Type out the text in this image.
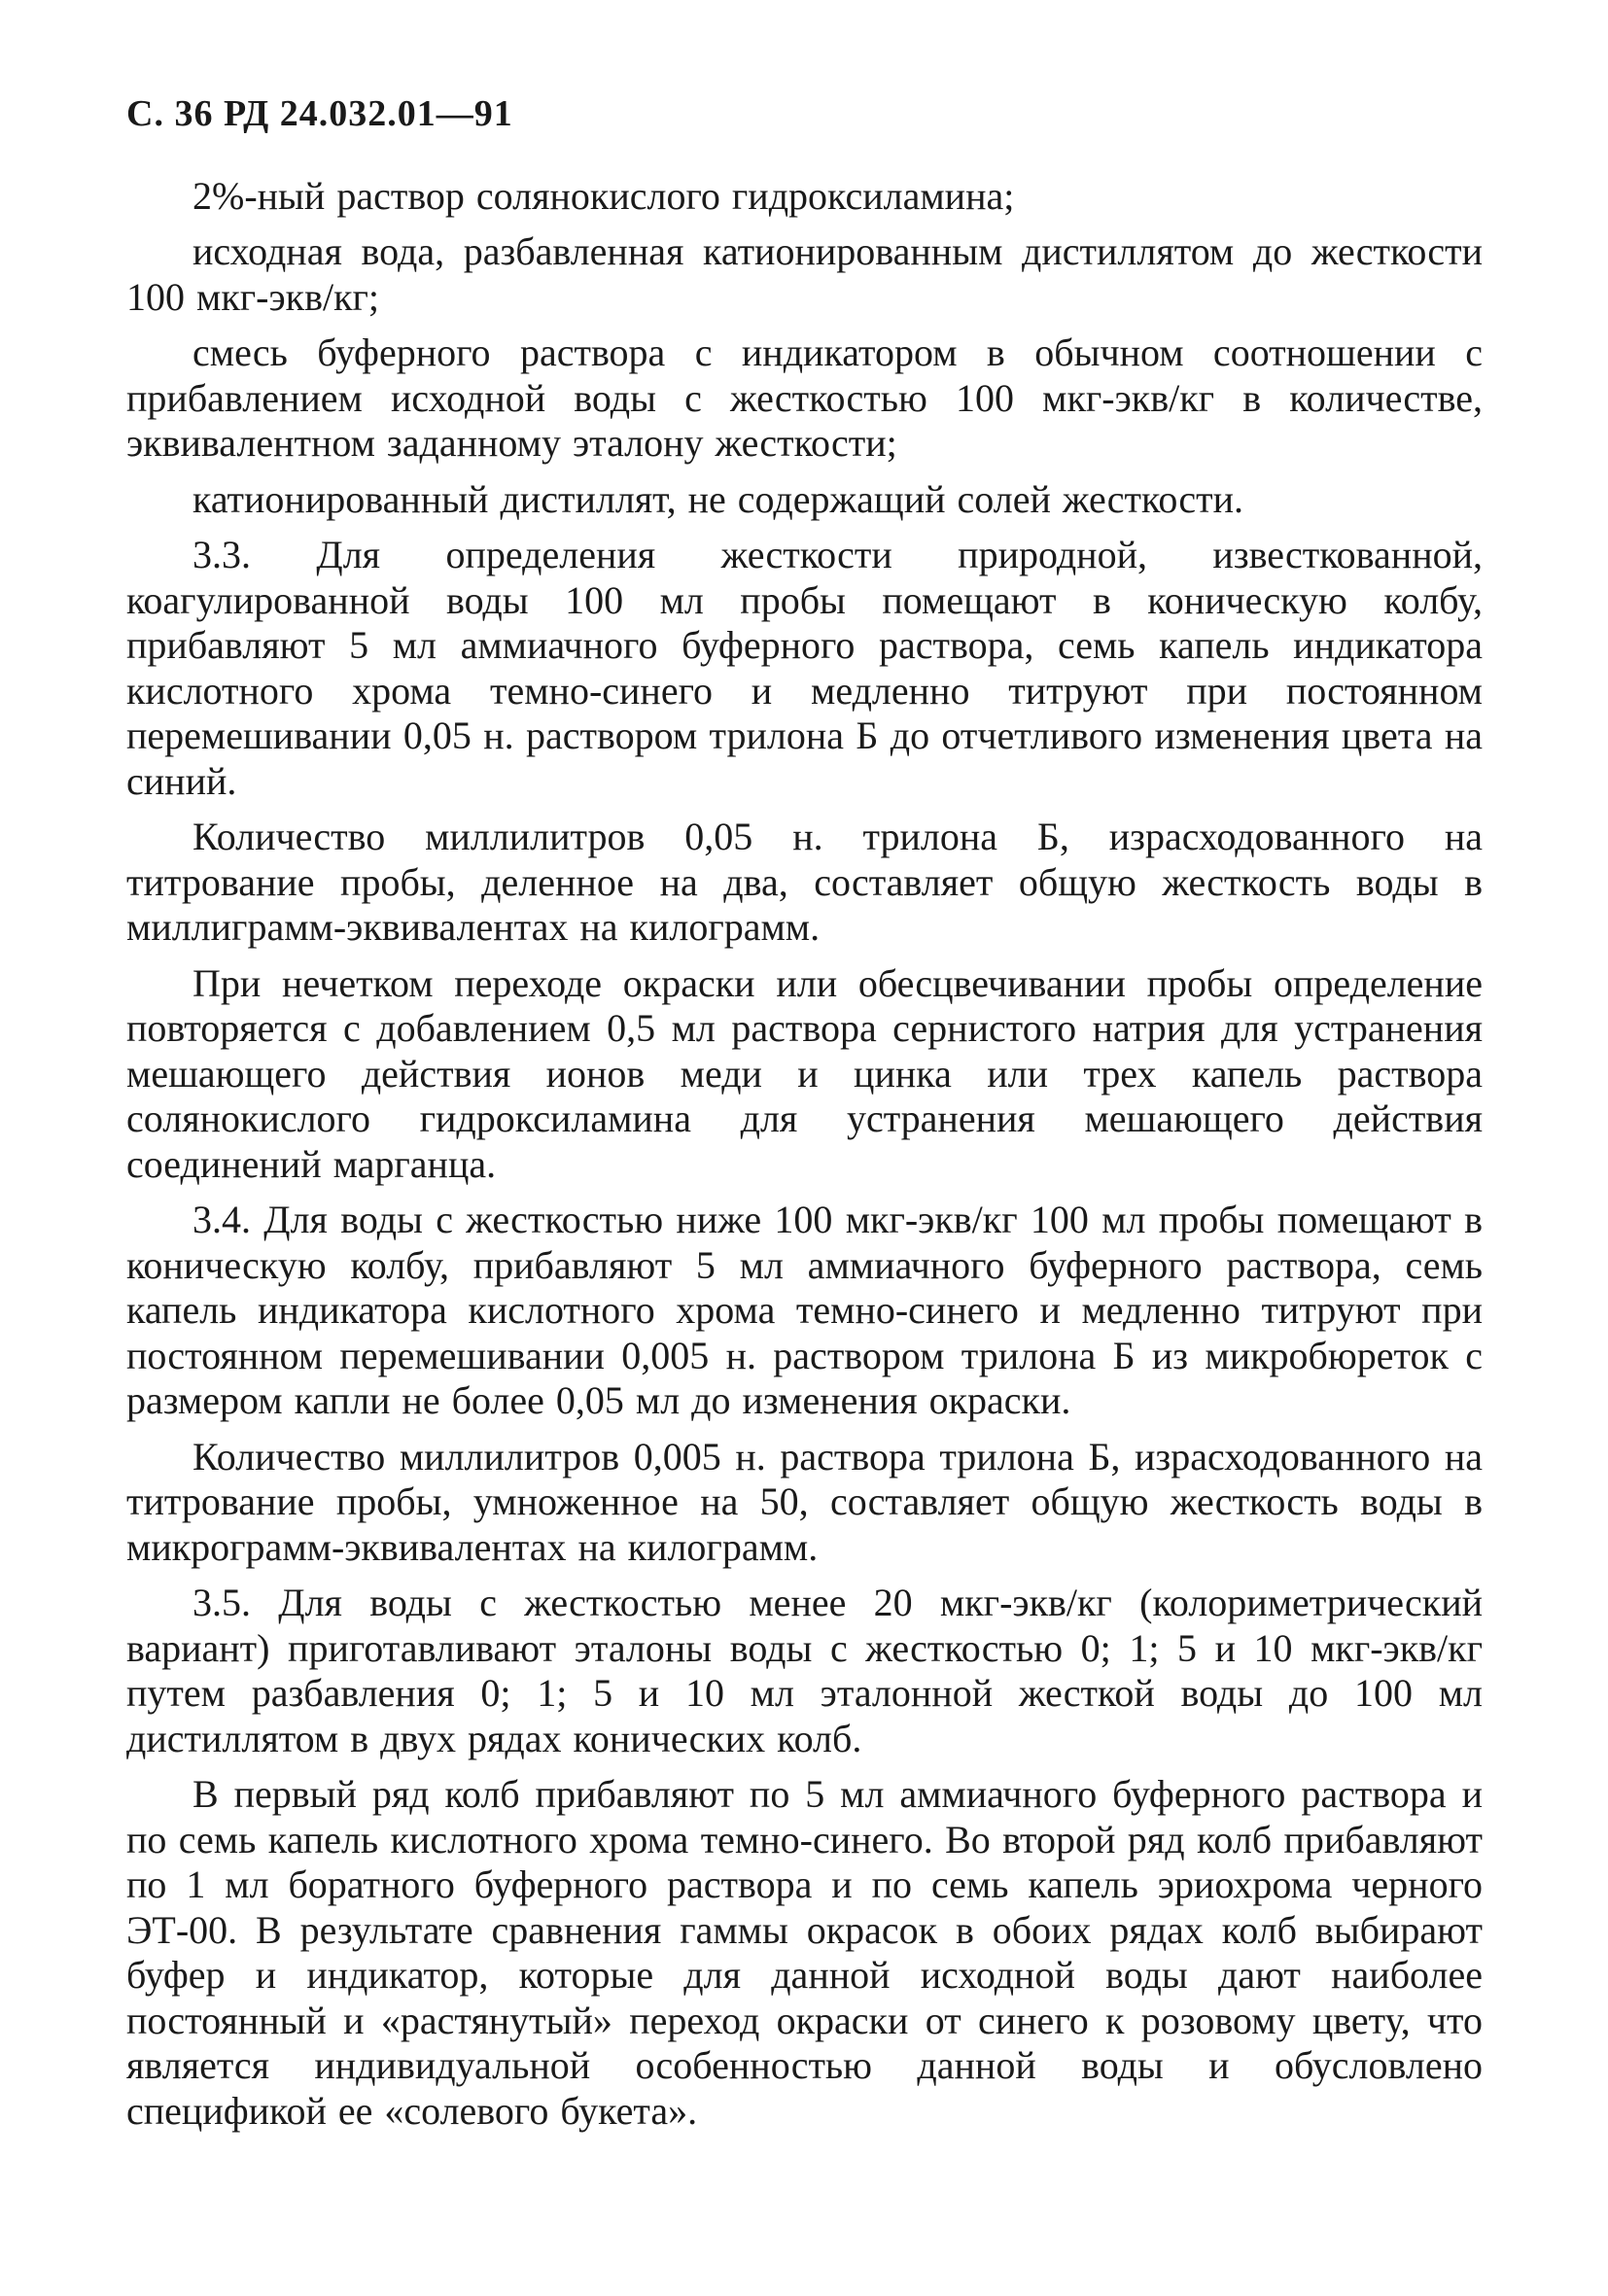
С. 36 РД 24.032.01—91

2%-ный раствор солянокислого гидроксиламина;

исходная вода, разбавленная катионированным дистиллятом до жесткости 100 мкг-экв/кг;

смесь буферного раствора с индикатором в обычном соотношении с прибавлением исходной воды с жесткостью 100 мкг-экв/кг в количестве, эквивалентном заданному эталону жесткости;

катионированный дистиллят, не содержащий солей жесткости.

3.3. Для определения жесткости природной, известкованной, коагулированной воды 100 мл пробы помещают в коническую колбу, прибавляют 5 мл аммиачного буферного раствора, семь капель индикатора кислотного хрома темно-синего и медленно титруют при постоянном перемешивании 0,05 н. раствором трилона Б до отчетливого изменения цвета на синий.

Количество миллилитров 0,05 н. трилона Б, израсходованного на титрование пробы, деленное на два, составляет общую жесткость воды в миллиграмм-эквивалентах на килограмм.

При нечетком переходе окраски или обесцвечивании пробы определение повторяется с добавлением 0,5 мл раствора сернистого натрия для устранения мешающего действия ионов меди и цинка или трех капель раствора солянокислого гидроксиламина для устранения мешающего действия соединений марганца.

3.4. Для воды с жесткостью ниже 100 мкг-экв/кг 100 мл пробы помещают в коническую колбу, прибавляют 5 мл аммиачного буферного раствора, семь капель индикатора кислотного хрома темно-синего и медленно титруют при постоянном перемешивании 0,005 н. раствором трилона Б из микробюреток с размером капли не более 0,05 мл до изменения окраски.

Количество миллилитров 0,005 н. раствора трилона Б, израсходованного на титрование пробы, умноженное на 50, составляет общую жесткость воды в микрограмм-эквивалентах на килограмм.

3.5. Для воды с жесткостью менее 20 мкг-экв/кг (колориметрический вариант) приготавливают эталоны воды с жесткостью 0; 1; 5 и 10 мкг-экв/кг путем разбавления 0; 1; 5 и 10 мл эталонной жесткой воды до 100 мл дистиллятом в двух рядах конических колб.

В первый ряд колб прибавляют по 5 мл аммиачного буферного раствора и по семь капель кислотного хрома темно-синего. Во второй ряд колб прибавляют по 1 мл боратного буферного раствора и по семь капель эриохрома черного ЭТ-00. В результате сравнения гаммы окрасок в обоих рядах колб выбирают буфер и индикатор, которые для данной исходной воды дают наиболее постоянный и «растянутый» переход окраски от синего к розовому цвету, что является индивидуальной особенностью данной воды и обусловлено спецификой ее «солевого букета».
